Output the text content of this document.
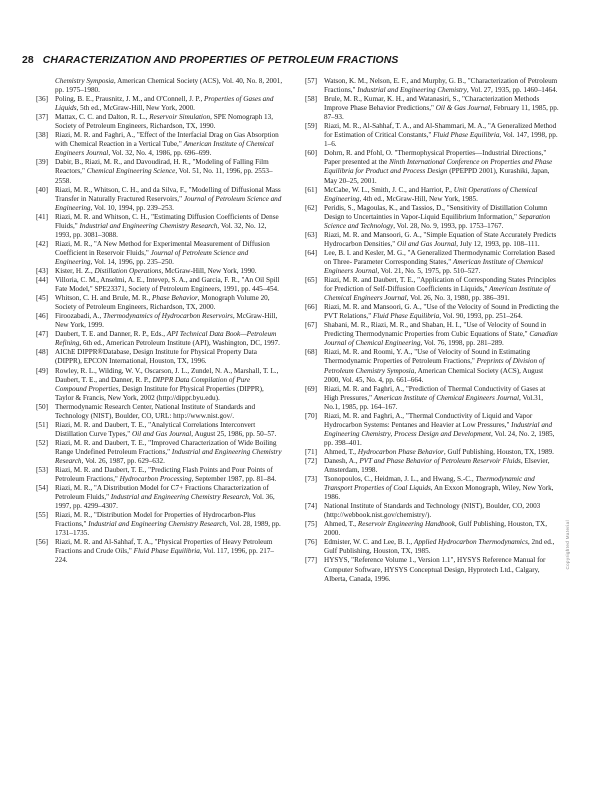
28 CHARACTERIZATION AND PROPERTIES OF PETROLEUM FRACTIONS
Chemistry Symposia, American Chemical Society (ACS), Vol. 40, No. 8, 2001, pp. 1975–1980.
[36] Poling, B. E., Prausnitz, J. M., and O'Connell, J. P., Properties of Gases and Liquids, 5th ed., McGraw-Hill, New York, 2000.
[37] Mattax, C. C. and Dalton, R. L., Reservoir Simulation, SPE Nomograph 13, Society of Petroleum Engineers, Richardson, TX, 1990.
[38] Riazi, M. R. and Faghri, A., "Effect of the Interfacial Drag on Gas Absorption with Chemical Reaction in a Vertical Tube," American Institute of Chemical Engineers Journal, Vol. 32, No. 4, 1986, pp. 696–699.
[39] Dabir, B., Riazi, M. R., and Davoudirad, H. R., "Modeling of Falling Film Reactors," Chemical Engineering Science, Vol. 51, No. 11, 1996, pp. 2553–2558.
[40] Riazi, M. R., Whitson, C. H., and da Silva, F., "Modelling of Diffusional Mass Transfer in Naturally Fractured Reservoirs," Journal of Petroleum Science and Engineering, Vol. 10, 1994, pp. 239–253.
[41] Riazi, M. R. and Whitson, C. H., "Estimating Diffusion Coefficients of Dense Fluids," Industrial and Engineering Chemistry Research, Vol. 32, No. 12, 1993, pp. 3081–3088.
[42] Riazi, M. R., "A New Method for Experimental Measurement of Diffusion Coefficient in Reservoir Fluids," Journal of Petroleum Science and Engineering, Vol. 14, 1996, pp. 235–250.
[43] Kister, H. Z., Distillation Operations, McGraw-Hill, New York, 1990.
[44] Villoria, C. M., Anselmi, A. E., Intevep, S. A., and Garcia, F. R., "An Oil Spill Fate Model," SPE23371, Society of Petroleum Engineers, 1991, pp. 445–454.
[45] Whitson, C. H. and Brule, M. R., Phase Behavior, Monograph Volume 20, Society of Petroleum Engineers, Richardson, TX, 2000.
[46] Firoozabadi, A., Thermodynamics of Hydrocarbon Reservoirs, McGraw-Hill, New York, 1999.
[47] Daubert, T. E. and Danner, R. P., Eds., API Technical Data Book—Petroleum Refining, 6th ed., American Petroleum Institute (API), Washington, DC, 1997.
[48] AIChE DIPPR®Database, Design Institute for Physical Property Data (DIPPR), EPCON International, Houston, TX, 1996.
[49] Rowley, R. L., Wilding, W. V., Oscarson, J. L., Zundel, N. A., Marshall, T. L., Daubert, T. E., and Danner, R. P., DIPPR Data Compilation of Pure Compound Properties, Design Institute for Physical Properties (DIPPR), Taylor & Francis, New York, 2002 (http://dippr.byu.edu).
[50] Thermodynamic Research Center, National Institute of Standards and Technology (NIST), Boulder, CO, URL: http://www.nist.gov/.
[51] Riazi, M. R. and Daubert, T. E., "Analytical Correlations Interconvert Distillation Curve Types," Oil and Gas Journal, August 25, 1986, pp. 50–57.
[52] Riazi, M. R. and Daubert, T. E., "Improved Characterization of Wide Boiling Range Undefined Petroleum Fractions," Industrial and Engineering Chemistry Research, Vol. 26, 1987, pp. 629–632.
[53] Riazi, M. R. and Daubert, T. E., "Predicting Flash Points and Pour Points of Petroleum Fractions," Hydrocarbon Processing, September 1987, pp. 81–84.
[54] Riazi, M. R., "A Distribution Model for C7+ Fractions Characterization of Petroleum Fluids," Industrial and Engineering Chemistry Research, Vol. 36, 1997, pp. 4299–4307.
[55] Riazi, M. R., "Distribution Model for Properties of Hydrocarbon-Plus Fractions," Industrial and Engineering Chemistry Research, Vol. 28, 1989, pp. 1731–1735.
[56] Riazi, M. R. and Al-Sahhaf, T. A., "Physical Properties of Heavy Petroleum Fractions and Crude Oils," Fluid Phase Equilibria, Vol. 117, 1996, pp. 217–224.
[57] Watson, K. M., Nelson, E. F., and Murphy, G. B., "Characterization of Petroleum Fractions," Industrial and Engineering Chemistry, Vol. 27, 1935, pp. 1460–1464.
[58] Brule, M. R., Kumar, K. H., and Watanasiri, S., "Characterization Methods Improve Phase Behavior Predictions," Oil & Gas Journal, February 11, 1985, pp. 87–93.
[59] Riazi, M. R., Al-Sahhaf, T. A., and Al-Shammari, M. A., "A Generalized Method for Estimation of Critical Constants," Fluid Phase Equilibria, Vol. 147, 1998, pp. 1–6.
[60] Dohrn, R. and Pfohl, O. "Thermophysical Properties—Industrial Directions," Paper presented at the Ninth International Conference on Properties and Phase Equilibria for Product and Process Design (PPEPPD 2001), Kurashiki, Japan, May 20–25, 2001.
[61] McCabe, W. L., Smith, J. C., and Harriot, P., Unit Operations of Chemical Engineering, 4th ed., McGraw-Hill, New York, 1985.
[62] Peridis, S., Magoulas, K., and Tassios, D., "Sensitivity of Distillation Column Design to Uncertainties in Vapor-Liquid Equilibrium Information," Separation Science and Technology, Vol. 28, No. 9, 1993, pp. 1753–1767.
[63] Riazi, M. R. and Mansoori, G. A., "Simple Equation of State Accurately Predicts Hydrocarbon Densities," Oil and Gas Journal, July 12, 1993, pp. 108–111.
[64] Lee, B. I. and Kesler, M. G., "A Generalized Thermodynamic Correlation Based on Three- Parameter Corresponding States," American Institute of Chemical Engineers Journal, Vol. 21, No. 5, 1975, pp. 510–527.
[65] Riazi, M. R. and Daubert, T. E., "Application of Corresponding States Principles for Prediction of Self-Diffusion Coefficients in Liquids," American Institute of Chemical Engineers Journal, Vol. 26, No. 3, 1980, pp. 386–391.
[66] Riazi, M. R. and Mansoori, G. A., "Use of the Velocity of Sound in Predicting the PVT Relations," Fluid Phase Equilibria, Vol. 90, 1993, pp. 251–264.
[67] Shabani, M. R., Riazi, M. R., and Shaban, H. I., "Use of Velocity of Sound in Predicting Thermodynamic Properties from Cubic Equations of State," Canadian Journal of Chemical Engineering, Vol. 76, 1998, pp. 281–289.
[68] Riazi, M. R. and Roomi, Y. A., "Use of Velocity of Sound in Estimating Thermodynamic Properties of Petroleum Fractions," Preprints of Division of Petroleum Chemistry Symposia, American Chemical Society (ACS), August 2000, Vol. 45, No. 4, pp. 661–664.
[69] Riazi, M. R. and Faghri, A., "Prediction of Thermal Conductivity of Gases at High Pressures," American Institute of Chemical Engineers Journal, Vol.31, No.1, 1985, pp. 164–167.
[70] Riazi, M. R. and Faghri, A., "Thermal Conductivity of Liquid and Vapor Hydrocarbon Systems: Pentanes and Heavier at Low Pressures," Industrial and Engineering Chemistry, Process Design and Development, Vol. 24, No. 2, 1985, pp. 398–401.
[71] Ahmed, T., Hydrocarbon Phase Behavior, Gulf Publishing, Houston, TX, 1989.
[72] Danesh, A., PVT and Phase Behavior of Petroleum Reservoir Fluids, Elsevier, Amsterdam, 1998.
[73] Tsonopoulos, C., Heidman, J. L., and Hwang, S.-C., Thermodynamic and Transport Properties of Coal Liquids, An Exxon Monograph, Wiley, New York, 1986.
[74] National Institute of Standards and Technology (NIST), Boulder, CO, 2003 (http://webbook.nist.gov/chemistry/).
[75] Ahmed, T., Reservoir Engineering Handbook, Gulf Publishing, Houston, TX, 2000.
[76] Edmister, W. C. and Lee, B. I., Applied Hydrocarbon Thermodynamics, 2nd ed., Gulf Publishing, Houston, TX, 1985.
[77] HYSYS, "Reference Volume 1., Version 1.1", HYSYS Reference Manual for Computer Software, HYSYS Conceptual Design, Hyprotech Ltd., Calgary, Alberta, Canada, 1996.
Copyrighted Material
